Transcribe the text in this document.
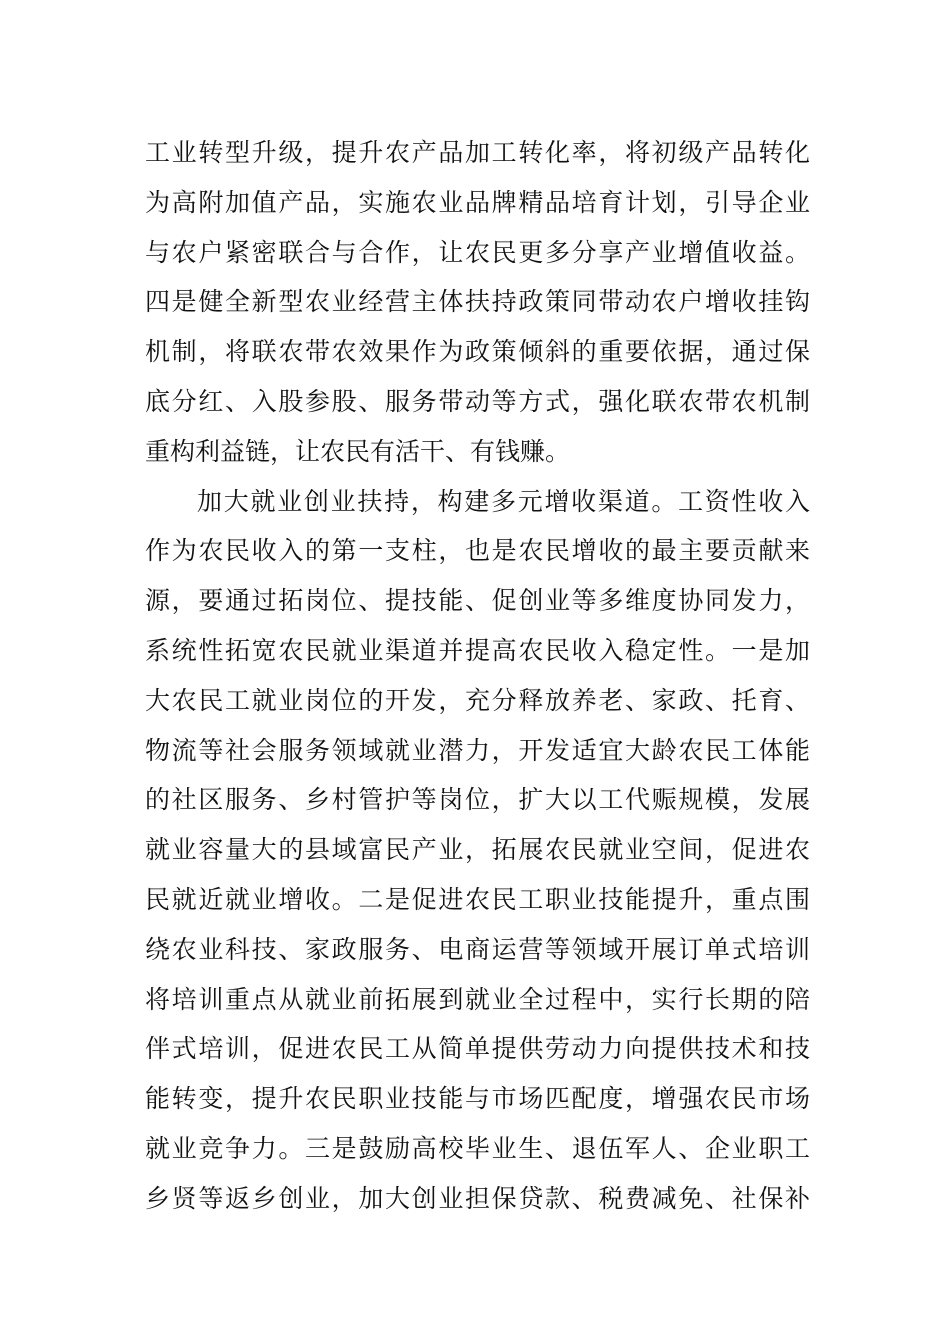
工业转型升级，提升农产品加工转化率，将初级产品转化
为高附加值产品，实施农业品牌精品培育计划，引导企业
与农户紧密联合与合作，让农民更多分享产业增值收益。
四是健全新型农业经营主体扶持政策同带动农户增收挂钩
机制，将联农带农效果作为政策倾斜的重要依据，通过保
底分红、入股参股、服务带动等方式，强化联农带农机制
重构利益链，让农民有活干、有钱赚。
加大就业创业扶持，构建多元增收渠道。工资性收入
作为农民收入的第一支柱，也是农民增收的最主要贡献来
源，要通过拓岗位、提技能、促创业等多维度协同发力，
系统性拓宽农民就业渠道并提高农民收入稳定性。一是加
大农民工就业岗位的开发，充分释放养老、家政、托育、
物流等社会服务领域就业潜力，开发适宜大龄农民工体能
的社区服务、乡村管护等岗位，扩大以工代赈规模，发展
就业容量大的县域富民产业，拓展农民就业空间，促进农
民就近就业增收。二是促进农民工职业技能提升，重点围
绕农业科技、家政服务、电商运营等领域开展订单式培训
将培训重点从就业前拓展到就业全过程中，实行长期的陪
伴式培训，促进农民工从简单提供劳动力向提供技术和技
能转变，提升农民职业技能与市场匹配度，增强农民市场
就业竞争力。三是鼓励高校毕业生、退伍军人、企业职工
乡贤等返乡创业，加大创业担保贷款、税费减免、社保补
